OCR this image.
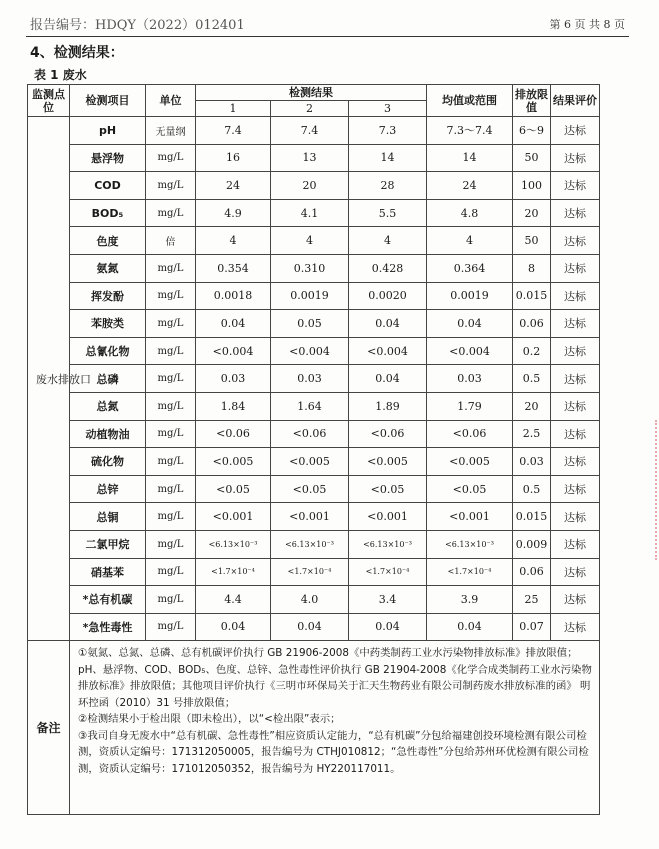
报告编号：HDQY（2022）012401	第 6 页 共 8 页
4、检测结果：
表 1 废水
监测点位	检测项目	单位	检测结果			均值或范围	排放限值	结果评价
			1	2	3			
废水排放口	pH	无量纲	7.4	7.4	7.3	7.3～7.4	6～9	达标
	悬浮物	mg/L	16	13	14	14	50	达标
	COD	mg/L	24	20	28	24	100	达标
	BOD₅	mg/L	4.9	4.1	5.5	4.8	20	达标
	色度	倍	4	4	4	4	50	达标
	氨氮	mg/L	0.354	0.310	0.428	0.364	8	达标
	挥发酚	mg/L	0.0018	0.0019	0.0020	0.0019	0.015	达标
	苯胺类	mg/L	0.04	0.05	0.04	0.04	0.06	达标
	总氰化物	mg/L	<0.004	<0.004	<0.004	<0.004	0.2	达标
	总磷	mg/L	0.03	0.03	0.04	0.03	0.5	达标
	总氮	mg/L	1.84	1.64	1.89	1.79	20	达标
	动植物油	mg/L	<0.06	<0.06	<0.06	<0.06	2.5	达标
	硫化物	mg/L	<0.005	<0.005	<0.005	<0.005	0.03	达标
	总锌	mg/L	<0.05	<0.05	<0.05	<0.05	0.5	达标
	总铜	mg/L	<0.001	<0.001	<0.001	<0.001	0.015	达标
	二氯甲烷	mg/L	<6.13×10⁻³	<6.13×10⁻³	<6.13×10⁻³	<6.13×10⁻³	0.009	达标
	硝基苯	mg/L	<1.7×10⁻⁴	<1.7×10⁻⁴	<1.7×10⁻⁴	<1.7×10⁻⁴	0.06	达标
	*总有机碳	mg/L	4.4	4.0	3.4	3.9	25	达标
	*急性毒性	mg/L	0.04	0.04	0.04	0.04	0.07	达标
备注	①氨氮、总氮、总磷、总有机碳评价执行 GB 21906-2008《中药类制药工业水污染物排放标准》排放限值；pH、悬浮物、COD、BOD₅、色度、总锌、急性毒性评价执行 GB 21904-2008《化学合成类制药工业水污染物排放标准》排放限值；其他项目评价执行《三明市环保局关于汇天生物药业有限公司制药废水排放标准的函》 明环控函（2010）31 号排放限值；
②检测结果小于检出限（即未检出），以“<检出限”表示；
③我司自身无废水中“总有机碳、急性毒性”相应资质认定能力，“总有机碳”分包给福建创投环境检测有限公司检测，资质认定编号：171312050005，报告编号为 CTHJ010812；“急性毒性”分包给苏州环优检测有限公司检测，资质认定编号：171012050352，报告编号为 HY220117011。							
